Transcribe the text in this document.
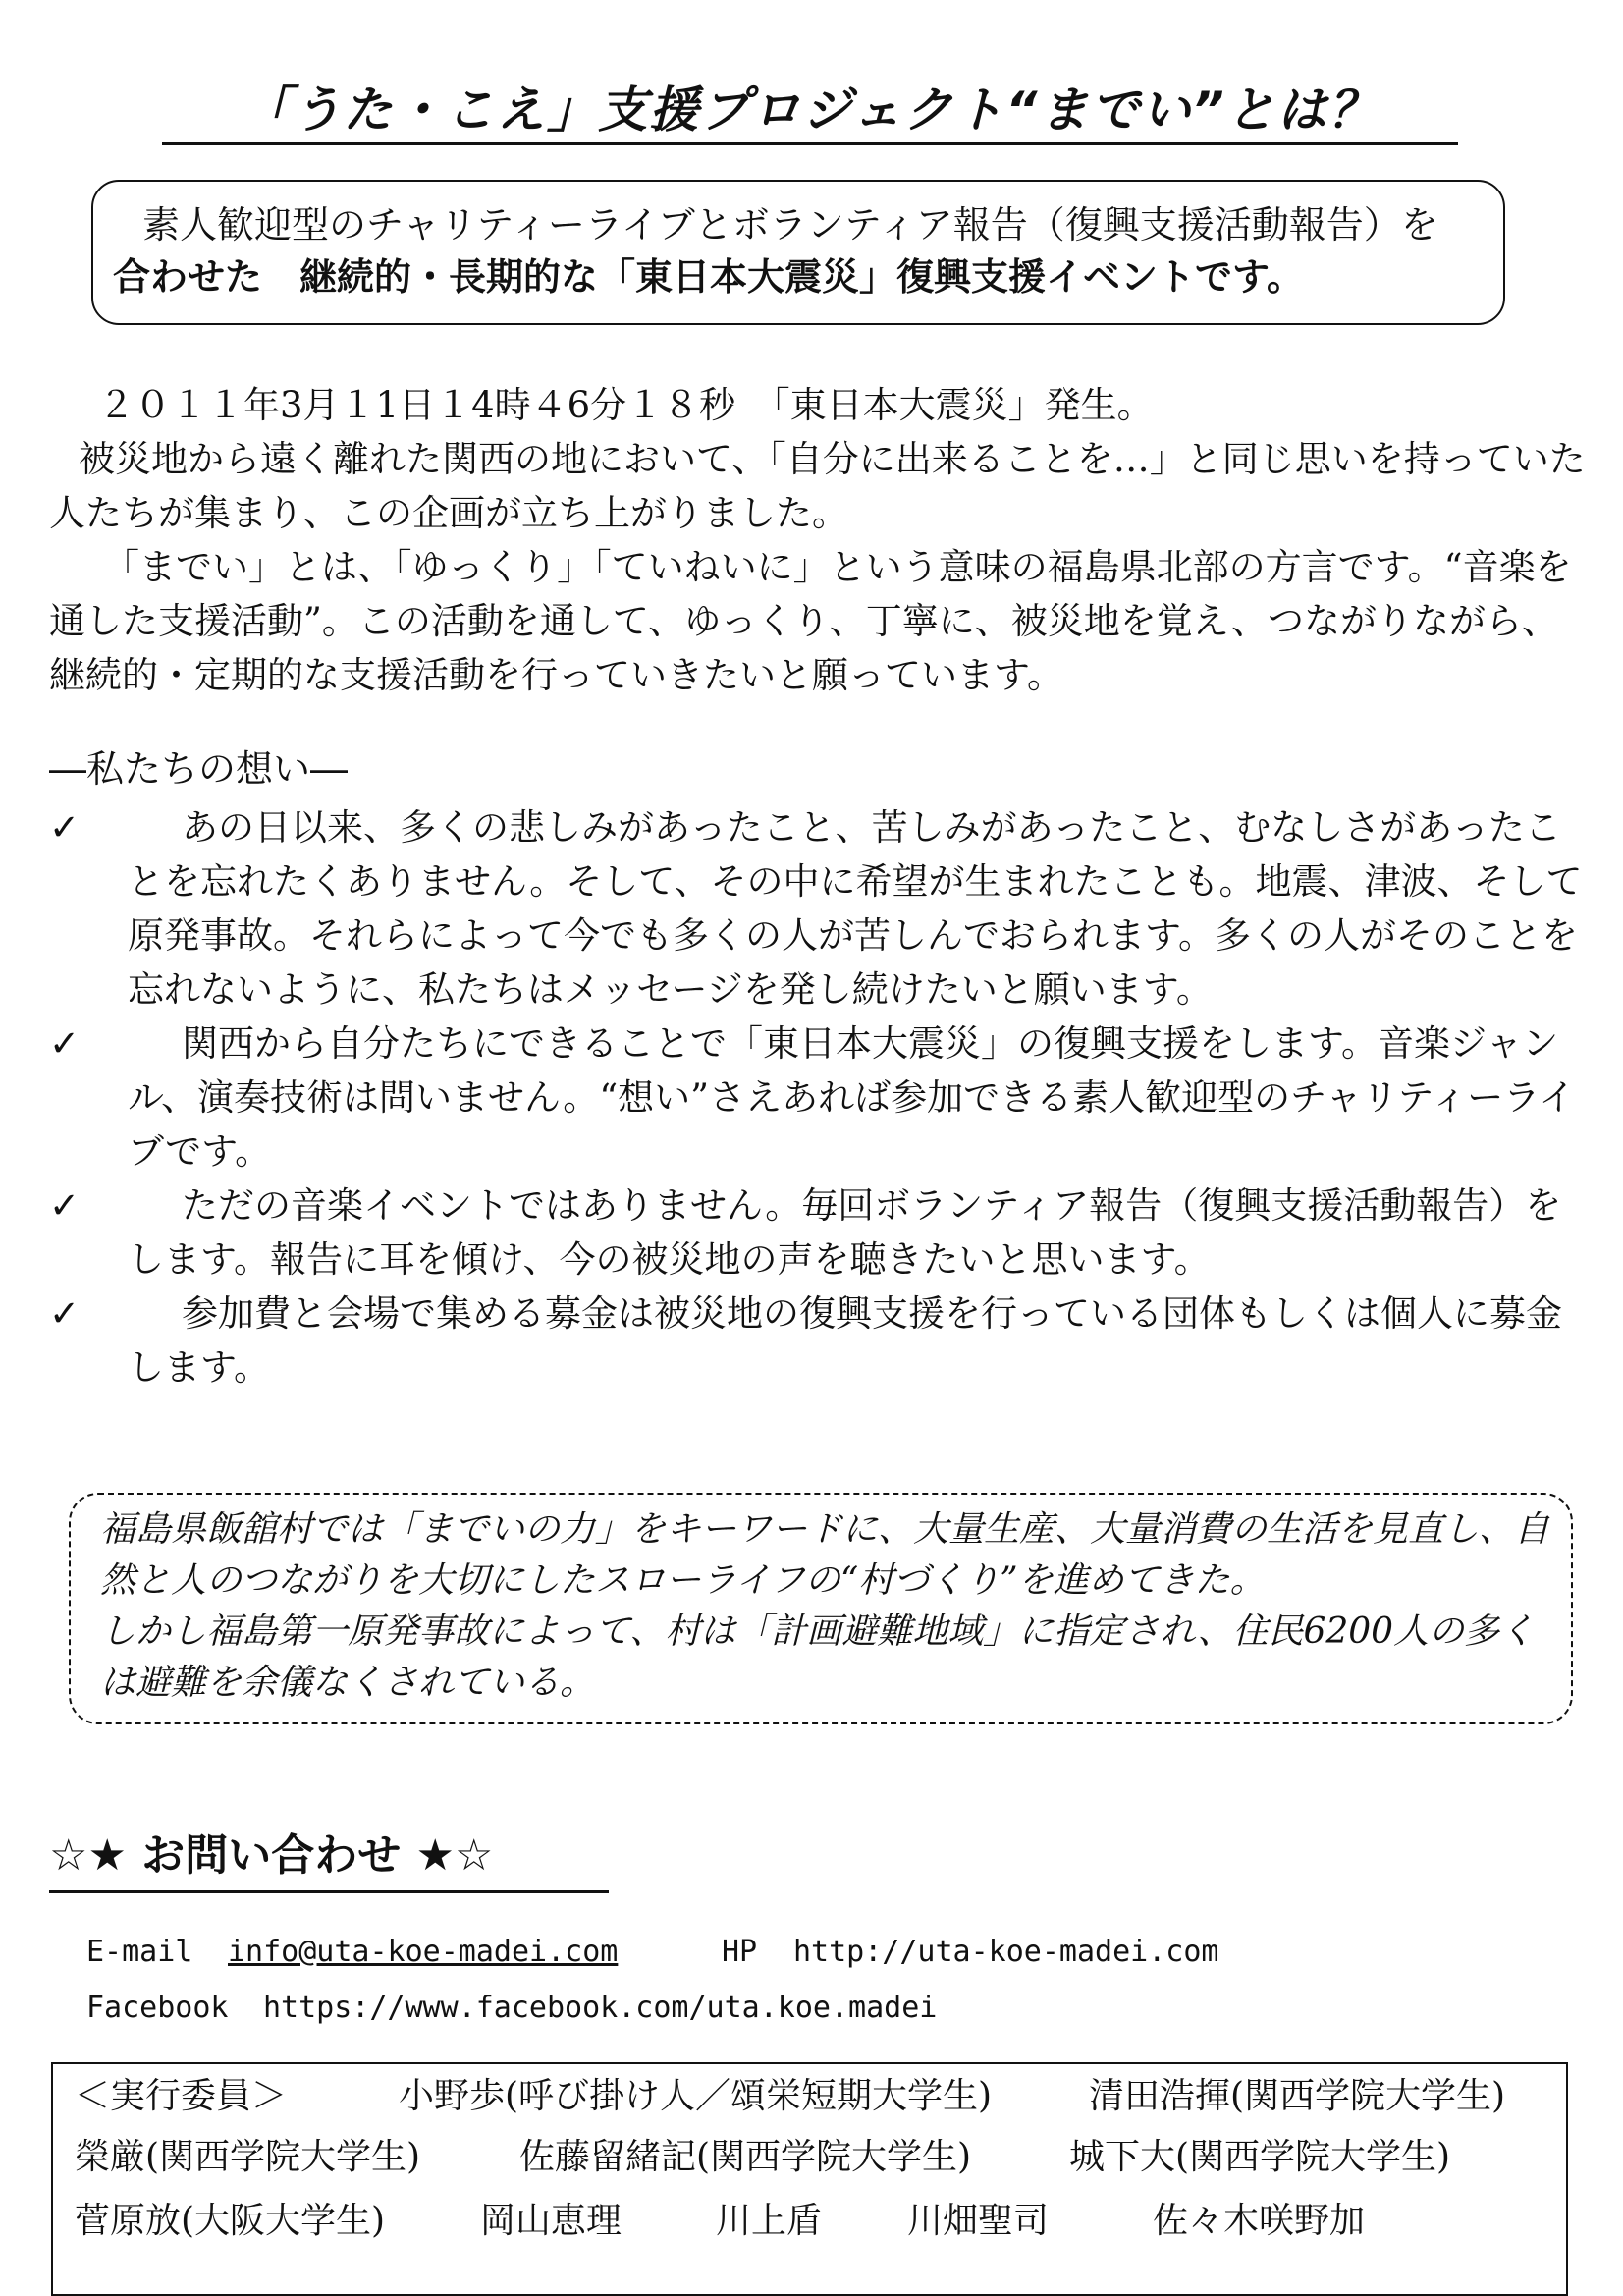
「うた・こえ」支援プロジェクト“までい”とは？
素人歓迎型のチャリティーライブとボランティア報告（復興支援活動報告）を
合わせた　継続的・長期的な「東日本大震災」復興支援イベントです。
２０１１年3月１1日１4時４6分１８秒　「東日本大震災」発生。
被災地から遠く離れた関西の地において、「自分に出来ることを…」と同じ思いを持っていた人たちが集まり、この企画が立ち上がりました。
「までい」とは、「ゆっくり」「ていねいに」という意味の福島県北部の方言です。“音楽を通した支援活動”。この活動を通して、ゆっくり、丁寧に、被災地を覚え、つながりながら、継続的・定期的な支援活動を行っていきたいと願っています。
―私たちの想い―
✓	あの日以来、多くの悲しみがあったこと、苦しみがあったこと、むなしさがあったことを忘れたくありません。そして、その中に希望が生まれたことも。地震、津波、そして原発事故。それらによって今でも多くの人が苦しんでおられます。多くの人がそのことを忘れないように、私たちはメッセージを発し続けたいと願います。
✓	関西から自分たちにできることで「東日本大震災」の復興支援をします。音楽ジャンル、演奏技術は問いません。“想い”さえあれば参加できる素人歓迎型のチャリティーライブです。
✓	ただの音楽イベントではありません。毎回ボランティア報告（復興支援活動報告）をします。報告に耳を傾け、今の被災地の声を聴きたいと思います。
✓	参加費と会場で集める募金は被災地の復興支援を行っている団体もしくは個人に募金します。
福島県飯舘村では「までいの力」をキーワードに、大量生産、大量消費の生活を見直し、自然と人のつながりを大切にしたスローライフの“村づくり”を進めてきた。
しかし福島第一原発事故によって、村は「計画避難地域」に指定され、住民6200人の多くは避難を余儀なくされている。
☆★ お問い合わせ ★☆
E-mail info@uta-koe-madei.com	HP http://uta-koe-madei.com
Facebook https://www.facebook.com/uta.koe.madei
＜実行委員＞	小野歩(呼び掛け人／頌栄短期大学生)	清田浩揮(関西学院大学生)
榮厳(関西学院大学生)	佐藤留緒記(関西学院大学生)	城下大(関西学院大学生)
菅原放(大阪大学生)	岡山恵理	川上盾 川畑聖司	佐々木咲野加
